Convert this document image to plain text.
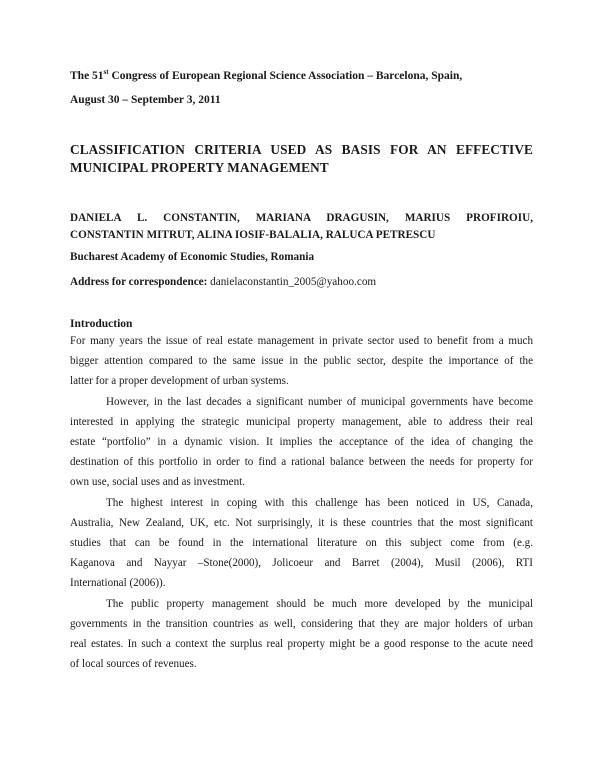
The 51st Congress of European Regional Science Association – Barcelona, Spain,
August 30 – September 3, 2011
CLASSIFICATION CRITERIA USED AS BASIS FOR AN EFFECTIVE
MUNICIPAL PROPERTY MANAGEMENT
DANIELA L. CONSTANTIN, MARIANA DRAGUSIN, MARIUS PROFIROIU,
CONSTANTIN MITRUT, ALINA IOSIF-BALALIA, RALUCA PETRESCU
Bucharest Academy of Economic Studies, Romania
Address for correspondence: danielaconstantin_2005@yahoo.com
Introduction

For many years the issue of real estate management in private sector used to benefit from a much
bigger attention compared to the same issue in the public sector, despite the importance of the
latter for a proper development of urban systems.

However, in the last decades a significant number of municipal governments have become
interested in applying the strategic municipal property management, able to address their real
estate “portfolio” in a dynamic vision. It implies the acceptance of the idea of changing the
destination of this portfolio in order to find a rational balance between the needs for property for
own use, social uses and as investment.

The highest interest in coping with this challenge has been noticed in US, Canada,
Australia, New Zealand, UK, etc. Not surprisingly, it is these countries that the most significant
studies that can be found in the international literature on this subject come from (e.g.
Kaganova and Nayyar –Stone(2000), Jolicoeur and Barret (2004), Musil (2006), RTI
International (2006)).

The public property management should be much more developed by the municipal
governments in the transition countries as well, considering that they are major holders of urban
real estates. In such a context the surplus real property might be a good response to the acute need
of local sources of revenues.
